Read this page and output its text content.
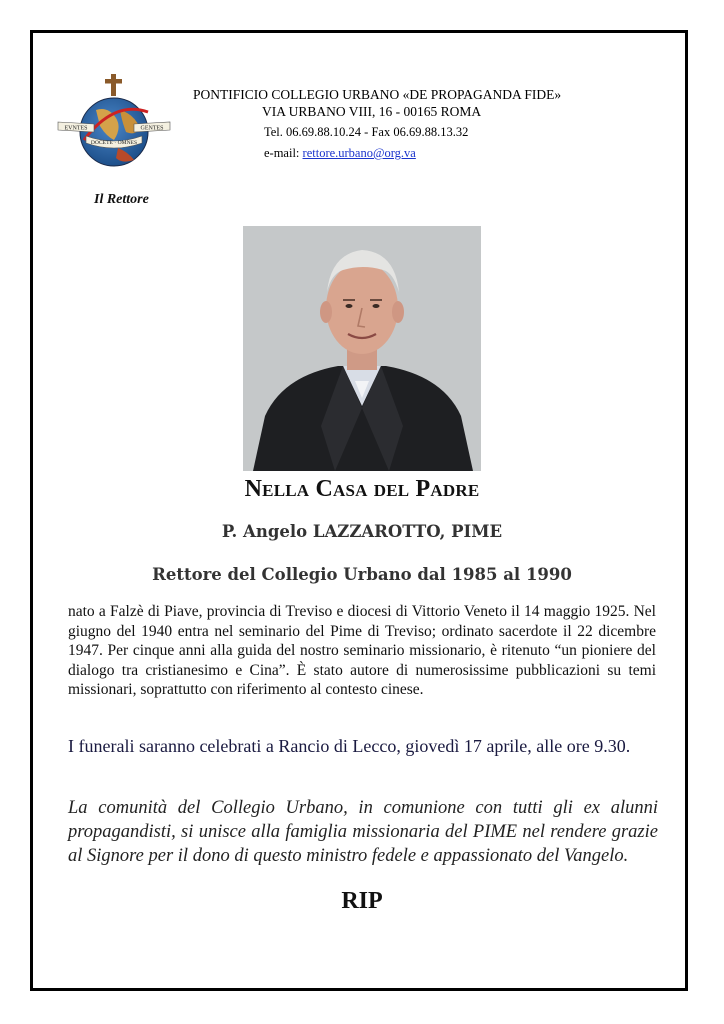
EVNTES	GENTES
DOCETE · OMNES
PONTIFICIO COLLEGIO URBANO «DE PROPAGANDA FIDE»
VIA URBANO VIII, 16 - 00165 ROMA
Tel. 06.69.88.10.24 - Fax 06.69.88.13.32
e-mail: rettore.urbano@org.va
Il Rettore
Nella Casa del Padre
P. Angelo LAZZAROTTO, PIME
Rettore del Collegio Urbano dal 1985 al 1990
nato a Falzè di Piave, provincia di Treviso e diocesi di Vittorio Veneto il 14 maggio 1925. Nel giugno del 1940 entra nel seminario del Pime di Treviso; ordinato sacerdote il 22 dicembre 1947. Per cinque anni alla guida del nostro seminario missionario, è ritenuto “un pioniere del dialogo tra cristianesimo e Cina”. È stato autore di numerosissime pubblicazioni su temi missionari, soprattutto con riferimento al contesto cinese.
I funerali saranno celebrati a Rancio di Lecco, giovedì 17 aprile, alle ore 9.30.
La comunità del Collegio Urbano, in comunione con tutti gli ex alunni propagandisti, si unisce alla famiglia missionaria del PIME nel rendere grazie al Signore per il dono di questo ministro fedele e appassionato del Vangelo.
RIP
